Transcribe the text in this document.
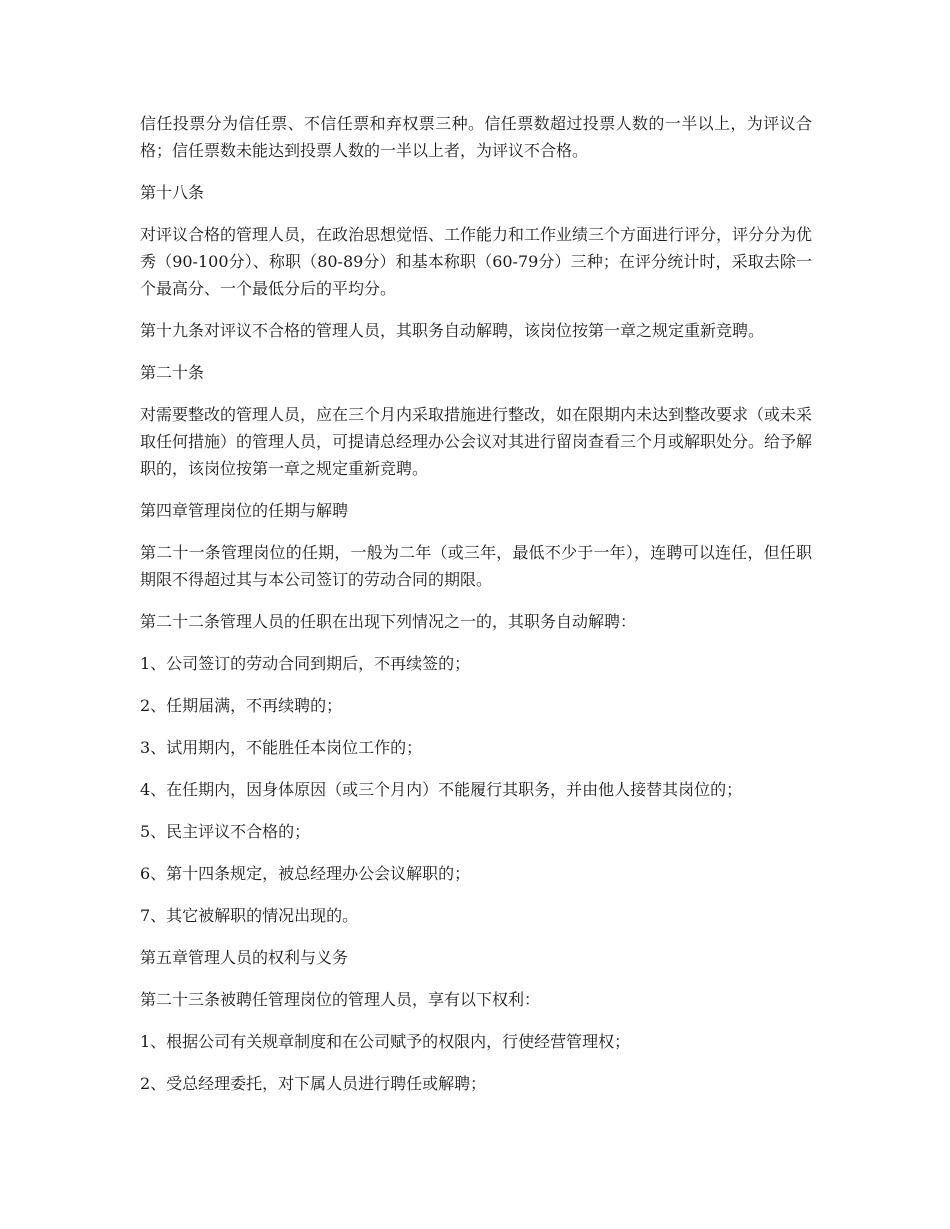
信任投票分为信任票、不信任票和弃权票三种。信任票数超过投票人数的一半以上，为评议合格；信任票数未能达到投票人数的一半以上者，为评议不合格。

第十八条

对评议合格的管理人员，在政治思想觉悟、工作能力和工作业绩三个方面进行评分，评分分为优秀（90-100分）、称职（80-89分）和基本称职（60-79分）三种；在评分统计时，采取去除一个最高分、一个最低分后的平均分。

第十九条对评议不合格的管理人员，其职务自动解聘，该岗位按第一章之规定重新竞聘。

第二十条

对需要整改的管理人员，应在三个月内采取措施进行整改，如在限期内未达到整改要求（或未采取任何措施）的管理人员，可提请总经理办公会议对其进行留岗查看三个月或解职处分。给予解职的，该岗位按第一章之规定重新竞聘。

第四章管理岗位的任期与解聘

第二十一条管理岗位的任期，一般为二年（或三年，最低不少于一年），连聘可以连任，但任职期限不得超过其与本公司签订的劳动合同的期限。

第二十二条管理人员的任职在出现下列情况之一的，其职务自动解聘：

1、公司签订的劳动合同到期后，不再续签的；

2、任期届满，不再续聘的；

3、试用期内，不能胜任本岗位工作的；

4、在任期内，因身体原因（或三个月内）不能履行其职务，并由他人接替其岗位的；

5、民主评议不合格的；

6、第十四条规定，被总经理办公会议解职的；

7、其它被解职的情况出现的。

第五章管理人员的权利与义务

第二十三条被聘任管理岗位的管理人员，享有以下权利：

1、根据公司有关规章制度和在公司赋予的权限内，行使经营管理权；

2、受总经理委托，对下属人员进行聘任或解聘；
